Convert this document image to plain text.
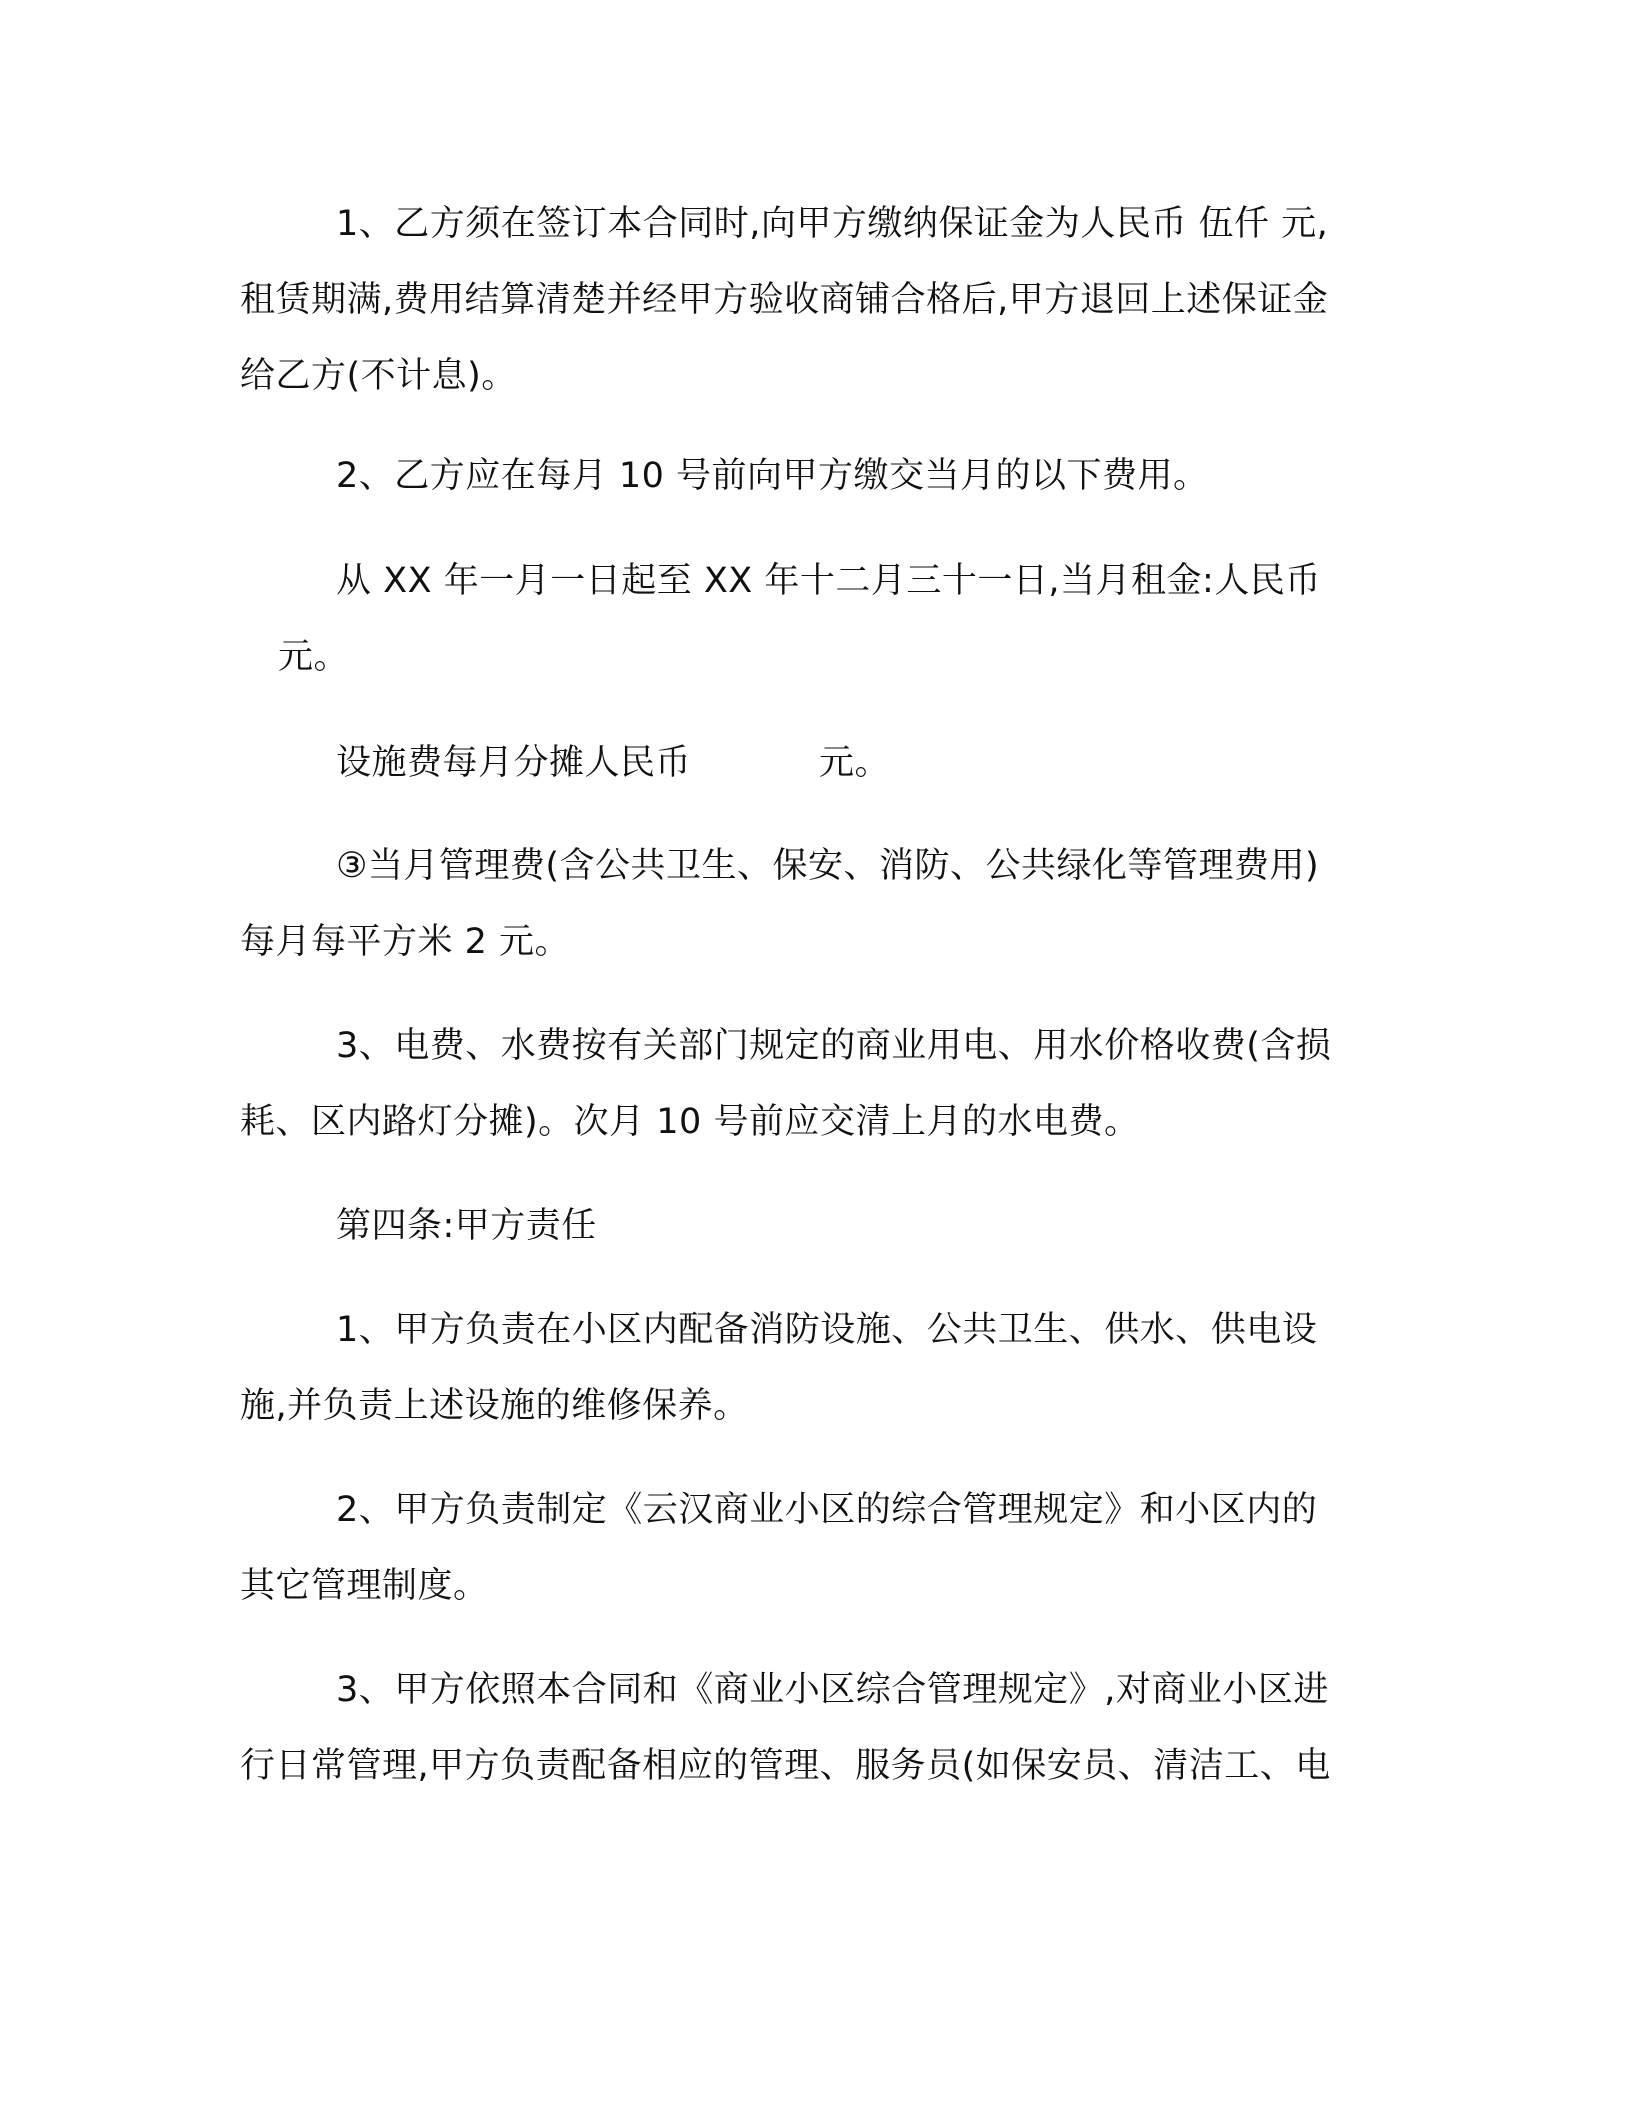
1、乙方须在签订本合同时,向甲方缴纳保证金为人民币 伍仟 元,
租赁期满,费用结算清楚并经甲方验收商铺合格后,甲方退回上述保证金
给乙方(不计息)。
2、乙方应在每月 10 号前向甲方缴交当月的以下费用。
从 XX 年一月一日起至 XX 年十二月三十一日,当月租金:人民币
元。
设施费每月分摊人民币	元。
③当月管理费(含公共卫生、保安、消防、公共绿化等管理费用)
每月每平方米 2 元。
3、电费、水费按有关部门规定的商业用电、用水价格收费(含损
耗、区内路灯分摊)。次月 10 号前应交清上月的水电费。
第四条:甲方责任
1、甲方负责在小区内配备消防设施、公共卫生、供水、供电设
施,并负责上述设施的维修保养。
2、甲方负责制定《云汉商业小区的综合管理规定》和小区内的
其它管理制度。
3、甲方依照本合同和《商业小区综合管理规定》,对商业小区进
行日常管理,甲方负责配备相应的管理、服务员(如保安员、清洁工、电
